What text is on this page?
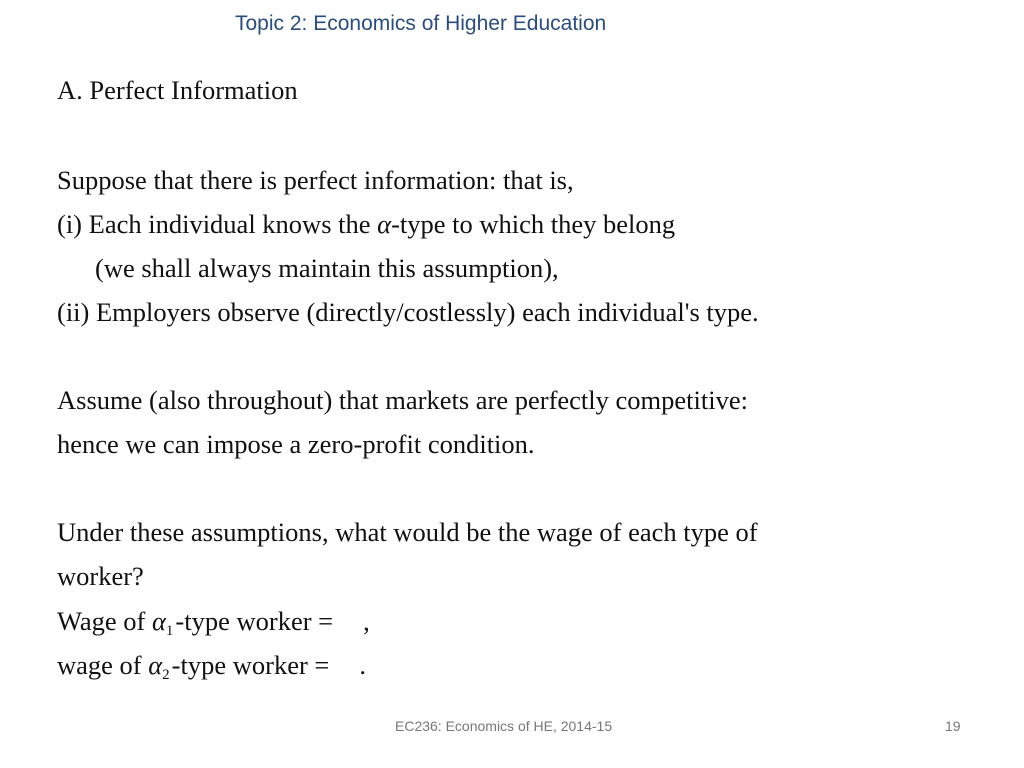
Topic 2: Economics of Higher Education
A. Perfect Information
Suppose that there is perfect information: that is,
(i) Each individual knows the α-type to which they belong
(we shall always maintain this assumption),
(ii) Employers observe (directly/costlessly) each individual's type.
Assume (also throughout) that markets are perfectly competitive:
hence we can impose a zero-profit condition.
Under these assumptions, what would be the wage of each type of
worker?
Wage of $\alpha_1$-type worker = ,
wage of $\alpha_2$-type worker = .
EC236: Economics of HE, 2014-15	19
